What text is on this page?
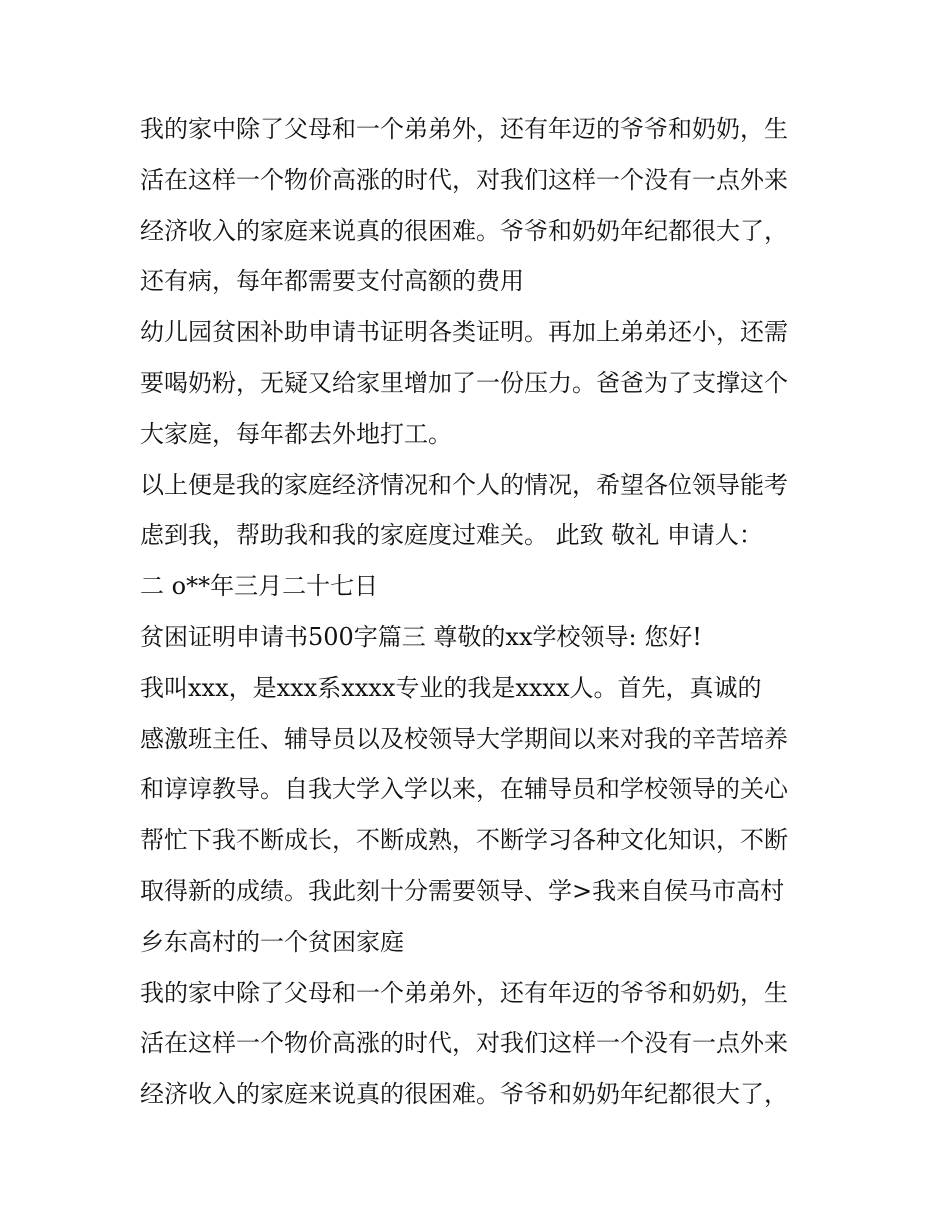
我的家中除了父母和一个弟弟外，还有年迈的爷爷和奶奶，生
活在这样一个物价高涨的时代，对我们这样一个没有一点外来
经济收入的家庭来说真的很困难。爷爷和奶奶年纪都很大了，
还有病，每年都需要支付高额的费用
幼儿园贫困补助申请书证明各类证明。再加上弟弟还小，还需
要喝奶粉，无疑又给家里增加了一份压力。爸爸为了支撑这个
大家庭，每年都去外地打工。
以上便是我的家庭经济情况和个人的情况，希望各位领导能考
虑到我，帮助我和我的家庭度过难关。 此致 敬礼 申请人：
二 o**年三月二十七日
贫困证明申请书500字篇三 尊敬的xx学校领导: 您好!
我叫xxx，是xxx系xxxx专业的我是xxxx人。首先，真诚的
感激班主任、辅导员以及校领导大学期间以来对我的辛苦培养
和谆谆教导。自我大学入学以来，在辅导员和学校领导的关心
帮忙下我不断成长，不断成熟，不断学习各种文化知识，不断
取得新的成绩。我此刻十分需要领导、学>我来自侯马市高村
乡东高村的一个贫困家庭
我的家中除了父母和一个弟弟外，还有年迈的爷爷和奶奶，生
活在这样一个物价高涨的时代，对我们这样一个没有一点外来
经济收入的家庭来说真的很困难。爷爷和奶奶年纪都很大了，
